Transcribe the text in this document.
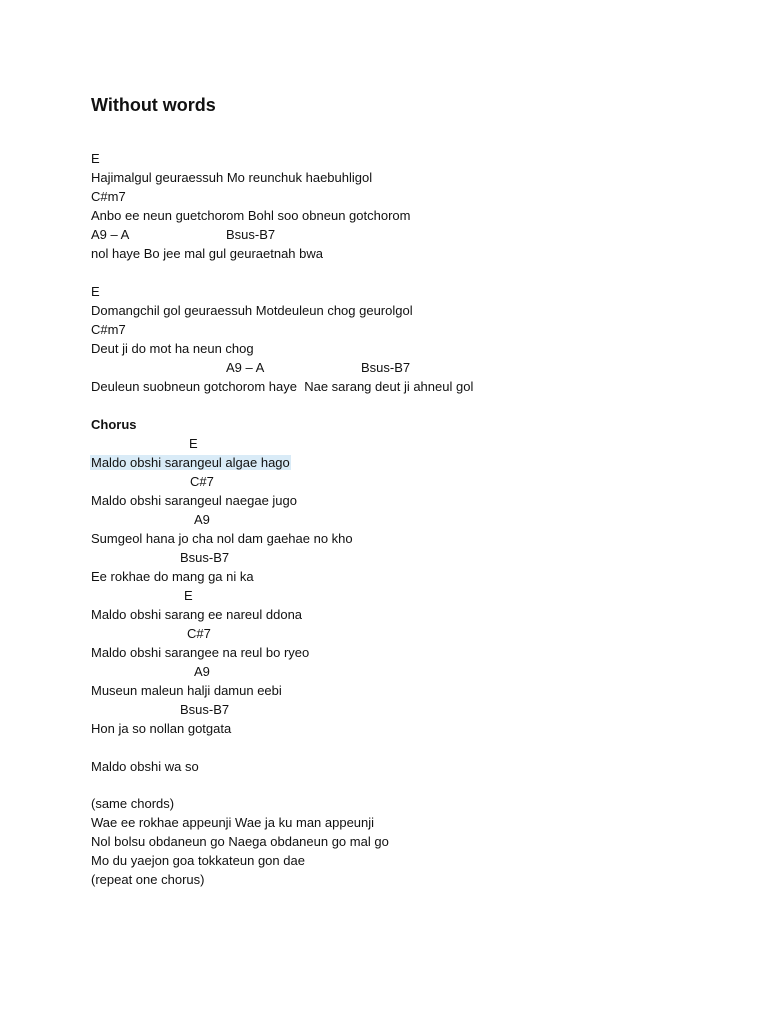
Without words
E
Hajimalgul geuraessuh Mo reunchuk haebuhligol
C#m7
Anbo ee neun guetchorom Bohl soo obneun gotchorom
A9 – A	Bsus-B7
nol haye Bo jee mal gul geuraetnah bwa
E
Domangchil gol geuraessuh Motdeuleun chog geurolgol
C#m7
Deut ji do mot ha neun chog
A9 – A	Bsus-B7
Deuleun suobneun gotchorom haye  Nae sarang deut ji ahneul gol
Chorus
E
Maldo obshi sarangeul algae hago
C#7
Maldo obshi sarangeul naegae jugo
A9
Sumgeol hana jo cha nol dam gaehae no kho
Bsus-B7
Ee rokhae do mang ga ni ka
E
Maldo obshi sarang ee nareul ddona
C#7
Maldo obshi sarangee na reul bo ryeo
A9
Museun maleun halji damun eebi
Bsus-B7
Hon ja so nollan gotgata
Maldo obshi wa so
(same chords)
Wae ee rokhae appeunji Wae ja ku man appeunji
Nol bolsu obdaneun go Naega obdaneun go mal go
Mo du yaejon goa tokkateun gon dae
(repeat one chorus)
